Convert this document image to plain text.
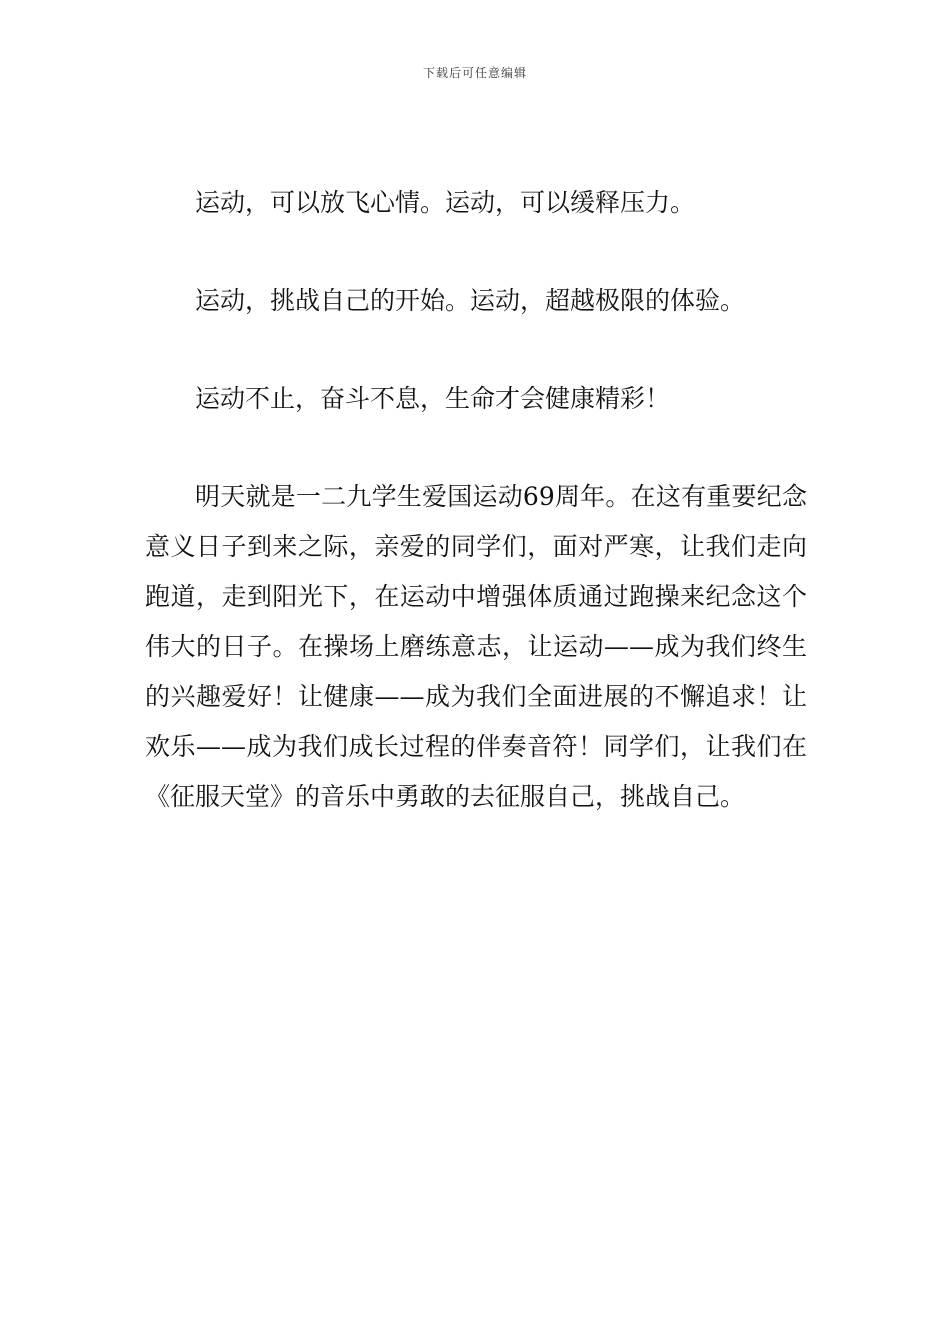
下载后可任意编辑

运动，可以放飞心情。运动，可以缓释压力。

运动，挑战自己的开始。运动，超越极限的体验。

运动不止，奋斗不息，生命才会健康精彩！

明天就是一二九学生爱国运动69周年。在这有重要纪念意义日子到来之际，亲爱的同学们，面对严寒，让我们走向跑道，走到阳光下，在运动中增强体质通过跑操来纪念这个伟大的日子。在操场上磨练意志，让运动——成为我们终生的兴趣爱好！让健康——成为我们全面进展的不懈追求！让欢乐——成为我们成长过程的伴奏音符！同学们，让我们在《征服天堂》的音乐中勇敢的去征服自己，挑战自己。
